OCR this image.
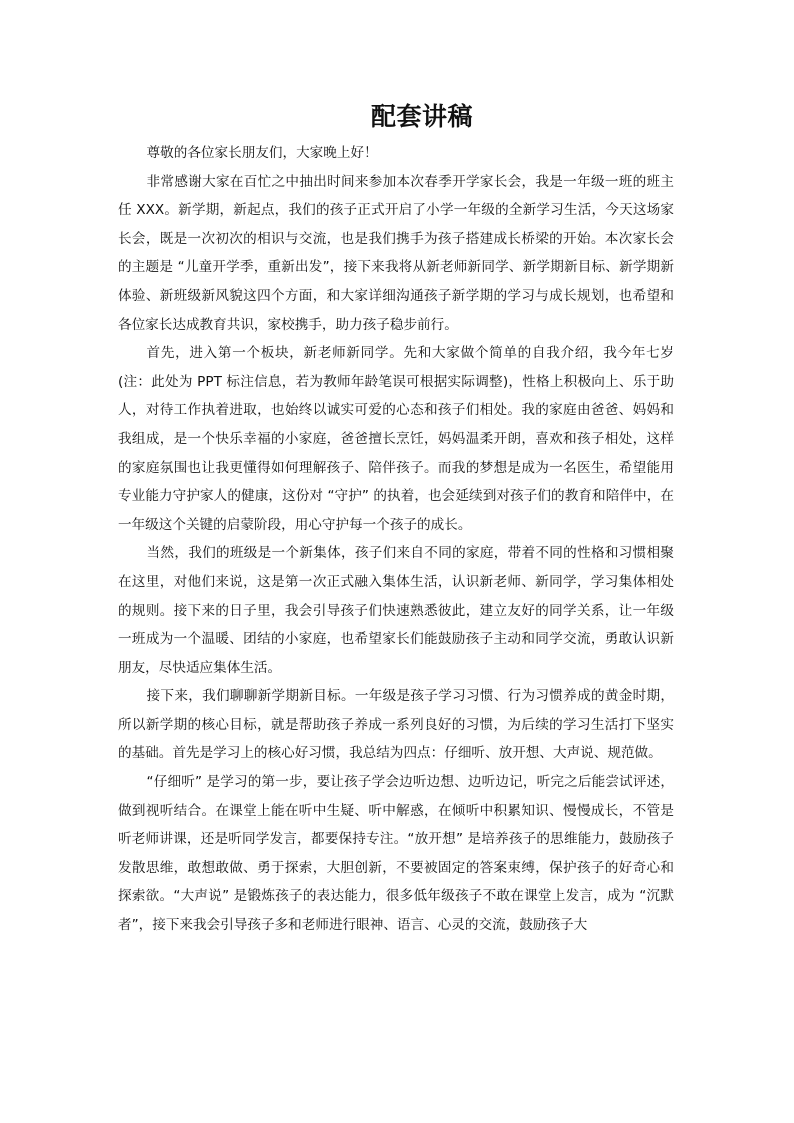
配套讲稿

尊敬的各位家长朋友们，大家晚上好！

非常感谢大家在百忙之中抽出时间来参加本次春季开学家长会，我是一年级一班的班主任 XXX。新学期，新起点，我们的孩子正式开启了小学一年级的全新学习生活，今天这场家长会，既是一次初次的相识与交流，也是我们携手为孩子搭建成长桥梁的开始。本次家长会的主题是 “儿童开学季，重新出发”，接下来我将从新老师新同学、新学期新目标、新学期新体验、新班级新风貌这四个方面，和大家详细沟通孩子新学期的学习与成长规划，也希望和各位家长达成教育共识，家校携手，助力孩子稳步前行。

首先，进入第一个板块，新老师新同学。先和大家做个简单的自我介绍，我今年七岁(注：此处为 PPT 标注信息，若为教师年龄笔误可根据实际调整)，性格上积极向上、乐于助人，对待工作执着进取，也始终以诚实可爱的心态和孩子们相处。我的家庭由爸爸、妈妈和我组成，是一个快乐幸福的小家庭，爸爸擅长烹饪，妈妈温柔开朗，喜欢和孩子相处，这样的家庭氛围也让我更懂得如何理解孩子、陪伴孩子。而我的梦想是成为一名医生，希望能用专业能力守护家人的健康，这份对 “守护” 的执着，也会延续到对孩子们的教育和陪伴中，在一年级这个关键的启蒙阶段，用心守护每一个孩子的成长。

当然，我们的班级是一个新集体，孩子们来自不同的家庭，带着不同的性格和习惯相聚在这里，对他们来说，这是第一次正式融入集体生活，认识新老师、新同学，学习集体相处的规则。接下来的日子里，我会引导孩子们快速熟悉彼此，建立友好的同学关系，让一年级一班成为一个温暖、团结的小家庭，也希望家长们能鼓励孩子主动和同学交流，勇敢认识新朋友，尽快适应集体生活。

接下来，我们聊聊新学期新目标。一年级是孩子学习习惯、行为习惯养成的黄金时期，所以新学期的核心目标，就是帮助孩子养成一系列良好的习惯，为后续的学习生活打下坚实的基础。首先是学习上的核心好习惯，我总结为四点：仔细听、放开想、大声说、规范做。

“仔细听” 是学习的第一步，要让孩子学会边听边想、边听边记，听完之后能尝试评述，做到视听结合。在课堂上能在听中生疑、听中解惑，在倾听中积累知识、慢慢成长，不管是听老师讲课，还是听同学发言，都要保持专注。“放开想” 是培养孩子的思维能力，鼓励孩子发散思维，敢想敢做、勇于探索，大胆创新，不要被固定的答案束缚，保护孩子的好奇心和探索欲。“大声说” 是锻炼孩子的表达能力，很多低年级孩子不敢在课堂上发言，成为 “沉默者”，接下来我会引导孩子多和老师进行眼神、语言、心灵的交流，鼓励孩子大
